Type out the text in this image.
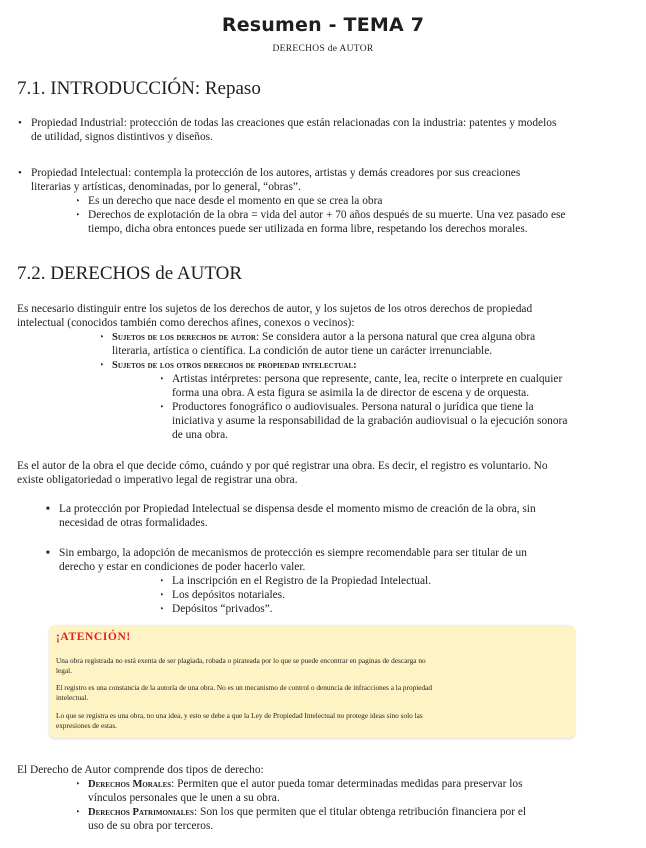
Resumen - TEMA 7
DERECHOS de AUTOR
7.1. INTRODUCCIÓN: Repaso
• Propiedad Industrial: protección de todas las creaciones que están relacionadas con la industria: patentes y modelos

de utilidad, signos distintivos y diseños.

• Propiedad Intelectual: contempla la protección de los autores, artistas y demás creadores por sus creaciones

literarias y artísticas, denominadas, por lo general, “obras”.

‣ Es un derecho que nace desde el momento en que se crea la obra

‣ Derechos de explotación de la obra = vida del autor + 70 años después de su muerte. Una vez pasado ese

tiempo, dicha obra entonces puede ser utilizada en forma libre, respetando los derechos morales.

7.2. DERECHOS de AUTOR

Es necesario distinguir entre los sujetos de los derechos de autor, y los sujetos de los otros derechos de propiedad

intelectual (conocidos también como derechos afines, conexos o vecinos):

‣ Sujetos de los derechos de autor: Se considera autor a la persona natural que crea alguna obra

literaria, artística o científica. La condición de autor tiene un carácter irrenunciable.

‣ Sujetos de los otros derechos de propiedad intelectual:

‣ Artistas intérpretes: persona que represente, cante, lea, recite o interprete en cualquier

forma una obra. A esta figura se asimila la de director de escena y de orquesta.

‣ Productores fonográfico o audiovisuales. Persona natural o jurídica que tiene la

iniciativa y asume la responsabilidad de la grabación audiovisual o la ejecución sonora

de una obra.

Es el autor de la obra el que decide cómo, cuándo y por qué registrar una obra. Es decir, el registro es voluntario. No

existe obligatoriedad o imperativo legal de registrar una obra.

■ La protección por Propiedad Intelectual se dispensa desde el momento mismo de creación de la obra, sin

necesidad de otras formalidades.

■ Sin embargo, la adopción de mecanismos de protección es siempre recomendable para ser titular de un

derecho y estar en condiciones de poder hacerlo valer.

‣ La inscripción en el Registro de la Propiedad Intelectual.

‣ Los depósitos notariales.

‣ Depósitos “privados”.

¡ATENCIÓN!

Una obra registrada no está exenta de ser plagiada, robada o pirateada por lo que se puede encontrar en paginas de descarga no

legal.

El registro es una constancia de la autoría de una obra. No es un mecanismo de control o denuncia de infracciones a la propiedad

intelectual.

Lo que se registra es una obra, no una idea, y esto se debe a que la Ley de Propiedad Intelectual no protege ideas sino solo las

expresiones de estas.

El Derecho de Autor comprende dos tipos de derecho:

‣ Derechos Morales: Permiten que el autor pueda tomar determinadas medidas para preservar los

vínculos personales que le unen a su obra.

‣ Derechos Patrimoniales: Son los que permiten que el titular obtenga retribución financiera por el

uso de su obra por terceros.
